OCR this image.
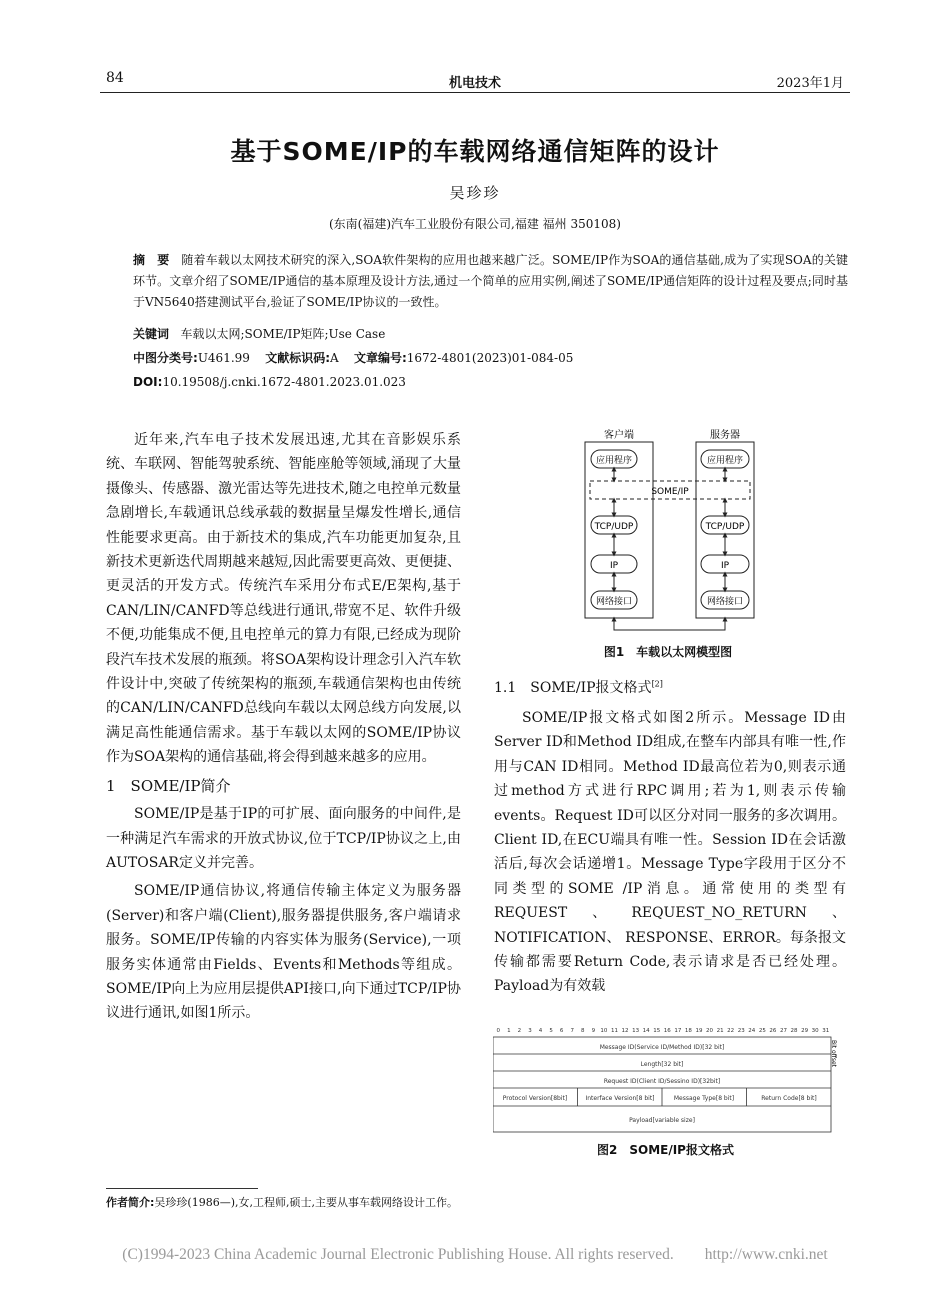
84	机电技术	2023年1月
基于SOME/IP的车载网络通信矩阵的设计
吴珍珍
(东南(福建)汽车工业股份有限公司,福建 福州 350108)
摘　要 随着车载以太网技术研究的深入,SOA软件架构的应用也越来越广泛。SOME/IP作为SOA的通信基础,成为了实现SOA的关键环节。文章介绍了SOME/IP通信的基本原理及设计方法,通过一个简单的应用实例,阐述了SOME/IP通信矩阵的设计过程及要点;同时基于VN5640搭建测试平台,验证了SOME/IP协议的一致性。
关键词 车载以太网;SOME/IP矩阵;Use Case
中图分类号:U461.99 文献标识码:A 文章编号:1672-4801(2023)01-084-05
DOI:10.19508/j.cnki.1672-4801.2023.01.023

近年来,汽车电子技术发展迅速,尤其在音影娱乐系统、车联网、智能驾驶系统、智能座舱等领域,涌现了大量摄像头、传感器、激光雷达等先进技术,随之电控单元数量急剧增长,车载通讯总线承载的数据量呈爆发性增长,通信性能要求更高。由于新技术的集成,汽车功能更加复杂,且新技术更新迭代周期越来越短,因此需要更高效、更便捷、更灵活的开发方式。传统汽车采用分布式E/E架构,基于CAN/LIN/CANFD等总线进行通讯,带宽不足、软件升级不便,功能集成不便,且电控单元的算力有限,已经成为现阶段汽车技术发展的瓶颈。将SOA架构设计理念引入汽车软件设计中,突破了传统架构的瓶颈,车载通信架构也由传统的CAN/LIN/CANFD总线向车载以太网总线方向发展,以满足高性能通信需求。基于车载以太网的SOME/IP协议作为SOA架构的通信基础,将会得到越来越多的应用。

1　SOME/IP简介

SOME/IP是基于IP的可扩展、面向服务的中间件,是一种满足汽车需求的开放式协议,位于TCP/IP协议之上,由AUTOSAR定义并完善。

SOME/IP通信协议,将通信传输主体定义为服务器(Server)和客户端(Client),服务器提供服务,客户端请求服务。SOME/IP传输的内容实体为服务(Service),一项服务实体通常由Fields、Events和Methods等组成。SOME/IP向上为应用层提供API接口,向下通过TCP/IP协议进行通讯,如图1所示。

客户端	服务器
SOME/IP
应用程序
TCP/UDP
IP
网络接口
应用程序
TCP/UDP
IP
网络接口
图1　车载以太网模型图
1.1　SOME/IP报文格式[2]

SOME/IP报文格式如图2所示。Message ID由Server ID和Method ID组成,在整车内部具有唯一性,作用与CAN ID相同。Method ID最高位若为0,则表示通过method方式进行RPC调用;若为1,则表示传输events。Request ID可以区分对同一服务的多次调用。Client ID,在ECU端具有唯一性。Session ID在会话激活后,每次会话递增1。Message Type字段用于区分不同类型的SOME /IP消息。通常使用的类型有REQUEST、REQUEST_NO_RETURN、 NOTIFICATION、 RESPONSE、ERROR。每条报文传输都需要Return Code,表示请求是否已经处理。Payload为有效载

0 1 2 3 4 5 6 7 8 9 10 11 12 13 14 15 16 17 18 19 20 21 22 23 24 25 26 27 28 29 30 31
Bit offset
Message ID(Service ID/Method ID)[32 bit]
Length[32 bit]
Request ID(Client ID/Sessino ID)[32bit]
Protocol Version[8bit]	Interface Version[8 bit]	Message Type[8 bit]	Return Code[8 bit]
Payload[variable size]
图2　SOME/IP报文格式
作者简介:吴珍珍(1986—),女,工程师,硕士,主要从事车载网络设计工作。
(C)1994-2023 China Academic Journal Electronic Publishing House. All rights reserved.　　http://www.cnki.net
